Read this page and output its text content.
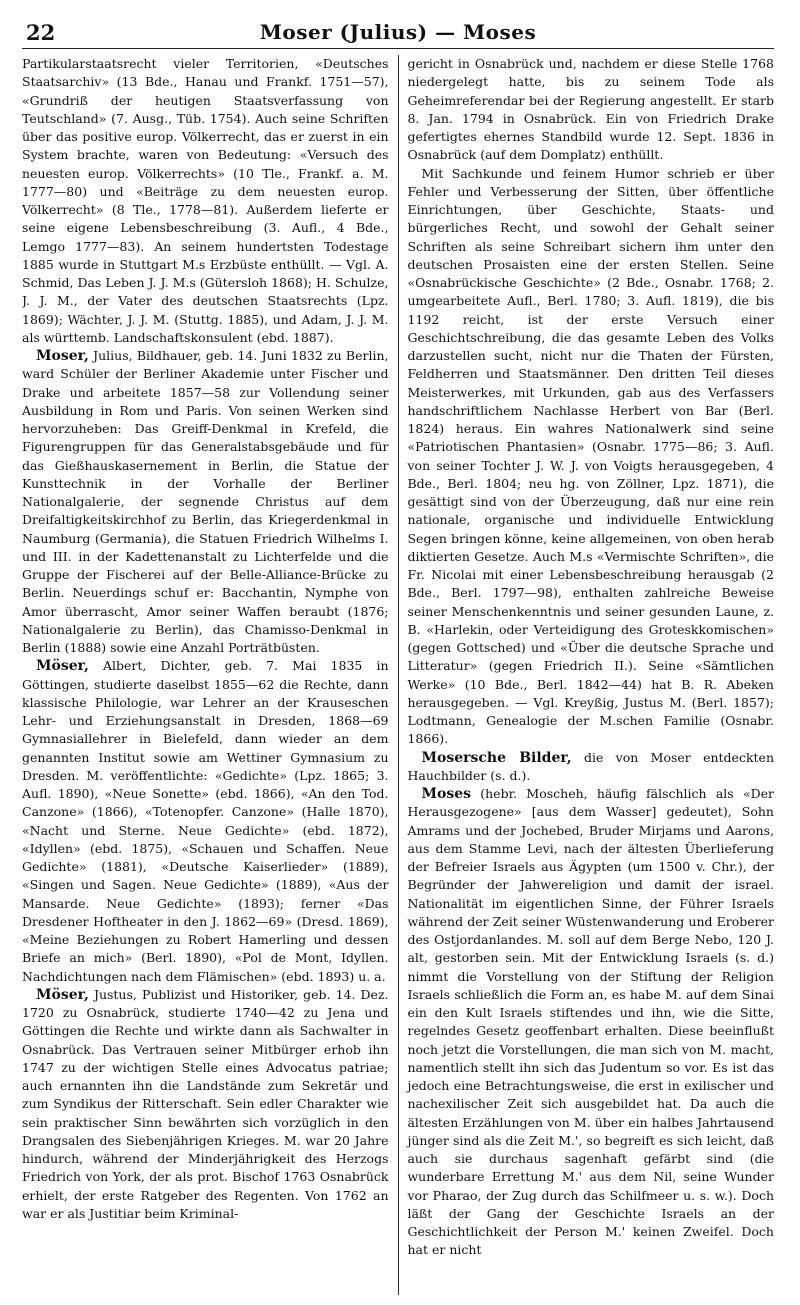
22	Moser (Julius) — Moses

Partikularstaatsrecht vieler Territorien, «Deutsches Staatsarchiv» (13 Bde., Hanau und Frankf. 1751—57), «Grundriß der heutigen Staatsverfassung von Teutschland» (7. Ausg., Tüb. 1754). Auch seine Schriften über das positive europ. Völkerrecht, das er zuerst in ein System brachte, waren von Bedeutung: «Versuch des neuesten europ. Völkerrechts» (10 Tle., Frankf. a. M. 1777—80) und «Beiträge zu dem neuesten europ. Völkerrecht» (8 Tle., 1778—81). Außerdem lieferte er seine eigene Lebensbeschreibung (3. Aufl., 4 Bde., Lemgo 1777—83). An seinem hundertsten Todestage 1885 wurde in Stuttgart M.s Erzbüste enthüllt. — Vgl. A. Schmid, Das Leben J. J. M.s (Gütersloh 1868); H. Schulze, J. J. M., der Vater des deutschen Staatsrechts (Lpz. 1869); Wächter, J. J. M. (Stuttg. 1885), und Adam, J. J. M. als württemb. Landschaftskonsulent (ebd. 1887).

Moser, Julius, Bildhauer, geb. 14. Juni 1832 zu Berlin, ward Schüler der Berliner Akademie unter Fischer und Drake und arbeitete 1857—58 zur Vollendung seiner Ausbildung in Rom und Paris. Von seinen Werken sind hervorzuheben: Das Greiff-Denkmal in Krefeld, die Figurengruppen für das Generalstabsgebäude und für das Gießhauskasernement in Berlin, die Statue der Kunsttechnik in der Vorhalle der Berliner Nationalgalerie, der segnende Christus auf dem Dreifaltigkeitskirchhof zu Berlin, das Kriegerdenkmal in Naumburg (Germania), die Statuen Friedrich Wilhelms I. und III. in der Kadettenanstalt zu Lichterfelde und die Gruppe der Fischerei auf der Belle-Alliance-Brücke zu Berlin. Neuerdings schuf er: Bacchantin, Nymphe von Amor überrascht, Amor seiner Waffen beraubt (1876; Nationalgalerie zu Berlin), das Chamisso-Denkmal in Berlin (1888) sowie eine Anzahl Porträtbüsten.

Möser, Albert, Dichter, geb. 7. Mai 1835 in Göttingen, studierte daselbst 1855—62 die Rechte, dann klassische Philologie, war Lehrer an der Krauseschen Lehr- und Erziehungsanstalt in Dresden, 1868—69 Gymnasiallehrer in Bielefeld, dann wieder an dem genannten Institut sowie am Wettiner Gymnasium zu Dresden. M. veröffentlichte: «Gedichte» (Lpz. 1865; 3. Aufl. 1890), «Neue Sonette» (ebd. 1866), «An den Tod. Canzone» (1866), «Totenopfer. Canzone» (Halle 1870), «Nacht und Sterne. Neue Gedichte» (ebd. 1872), «Idyllen» (ebd. 1875), «Schauen und Schaffen. Neue Gedichte» (1881), «Deutsche Kaiserlieder» (1889), «Singen und Sagen. Neue Gedichte» (1889), «Aus der Mansarde. Neue Gedichte» (1893); ferner «Das Dresdener Hoftheater in den J. 1862—69» (Dresd. 1869), «Meine Beziehungen zu Robert Hamerling und dessen Briefe an mich» (Berl. 1890), «Pol de Mont, Idyllen. Nachdichtungen nach dem Flämischen» (ebd. 1893) u. a.

Möser, Justus, Publizist und Historiker, geb. 14. Dez. 1720 zu Osnabrück, studierte 1740—42 zu Jena und Göttingen die Rechte und wirkte dann als Sachwalter in Osnabrück. Das Vertrauen seiner Mitbürger erhob ihn 1747 zu der wichtigen Stelle eines Advocatus patriae; auch ernannten ihn die Landstände zum Sekretär und zum Syndikus der Ritterschaft. Sein edler Charakter wie sein praktischer Sinn bewährten sich vorzüglich in den Drangsalen des Siebenjährigen Krieges. M. war 20 Jahre hindurch, während der Minderjährigkeit des Herzogs Friedrich von York, der als prot. Bischof 1763 Osnabrück erhielt, der erste Ratgeber des Regenten. Von 1762 an war er als Justitiar beim Kriminal-

gericht in Osnabrück und, nachdem er diese Stelle 1768 niedergelegt hatte, bis zu seinem Tode als Geheimreferendar bei der Regierung angestellt. Er starb 8. Jan. 1794 in Osnabrück. Ein von Friedrich Drake gefertigtes ehernes Standbild wurde 12. Sept. 1836 in Osnabrück (auf dem Domplatz) enthüllt.

Mit Sachkunde und feinem Humor schrieb er über Fehler und Verbesserung der Sitten, über öffentliche Einrichtungen, über Geschichte, Staats- und bürgerliches Recht, und sowohl der Gehalt seiner Schriften als seine Schreibart sichern ihm unter den deutschen Prosaisten eine der ersten Stellen. Seine «Osnabrückische Geschichte» (2 Bde., Osnabr. 1768; 2. umgearbeitete Aufl., Berl. 1780; 3. Aufl. 1819), die bis 1192 reicht, ist der erste Versuch einer Geschichtschreibung, die das gesamte Leben des Volks darzustellen sucht, nicht nur die Thaten der Fürsten, Feldherren und Staatsmänner. Den dritten Teil dieses Meisterwerkes, mit Urkunden, gab aus des Verfassers handschriftlichem Nachlasse Herbert von Bar (Berl. 1824) heraus. Ein wahres Nationalwerk sind seine «Patriotischen Phantasien» (Osnabr. 1775—86; 3. Aufl. von seiner Tochter J. W. J. von Voigts herausgegeben, 4 Bde., Berl. 1804; neu hg. von Zöllner, Lpz. 1871), die gesättigt sind von der Überzeugung, daß nur eine rein nationale, organische und individuelle Entwicklung Segen bringen könne, keine allgemeinen, von oben herab diktierten Gesetze. Auch M.s «Vermischte Schriften», die Fr. Nicolai mit einer Lebensbeschreibung herausgab (2 Bde., Berl. 1797—98), enthalten zahlreiche Beweise seiner Menschenkenntnis und seiner gesunden Laune, z. B. «Harlekin, oder Verteidigung des Groteskkomischen» (gegen Gottsched) und «Über die deutsche Sprache und Litteratur» (gegen Friedrich II.). Seine «Sämtlichen Werke» (10 Bde., Berl. 1842—44) hat B. R. Abeken herausgegeben. — Vgl. Kreyßig, Justus M. (Berl. 1857); Lodtmann, Genealogie der M.schen Familie (Osnabr. 1866).

Mosersche Bilder, die von Moser entdeckten Hauchbilder (s. d.).

Moses (hebr. Moscheh, häufig fälschlich als «Der Herausgezogene» [aus dem Wasser] gedeutet), Sohn Amrams und der Jochebed, Bruder Mirjams und Aarons, aus dem Stamme Levi, nach der ältesten Überlieferung der Befreier Israels aus Ägypten (um 1500 v. Chr.), der Begründer der Jahwereligion und damit der israel. Nationalität im eigentlichen Sinne, der Führer Israels während der Zeit seiner Wüstenwanderung und Eroberer des Ostjordanlandes. M. soll auf dem Berge Nebo, 120 J. alt, gestorben sein. Mit der Entwicklung Israels (s. d.) nimmt die Vorstellung von der Stiftung der Religion Israels schließlich die Form an, es habe M. auf dem Sinai ein den Kult Israels stiftendes und ihn, wie die Sitte, regelndes Gesetz geoffenbart erhalten. Diese beeinflußt noch jetzt die Vorstellungen, die man sich von M. macht, namentlich stellt ihn sich das Judentum so vor. Es ist das jedoch eine Betrachtungsweise, die erst in exilischer und nachexilischer Zeit sich ausgebildet hat. Da auch die ältesten Erzählungen von M. über ein halbes Jahrtausend jünger sind als die Zeit M.', so begreift es sich leicht, daß auch sie durchaus sagenhaft gefärbt sind (die wunderbare Errettung M.' aus dem Nil, seine Wunder vor Pharao, der Zug durch das Schilfmeer u. s. w.). Doch läßt der Gang der Geschichte Israels an der Geschichtlichkeit der Person M.' keinen Zweifel. Doch hat er nicht
